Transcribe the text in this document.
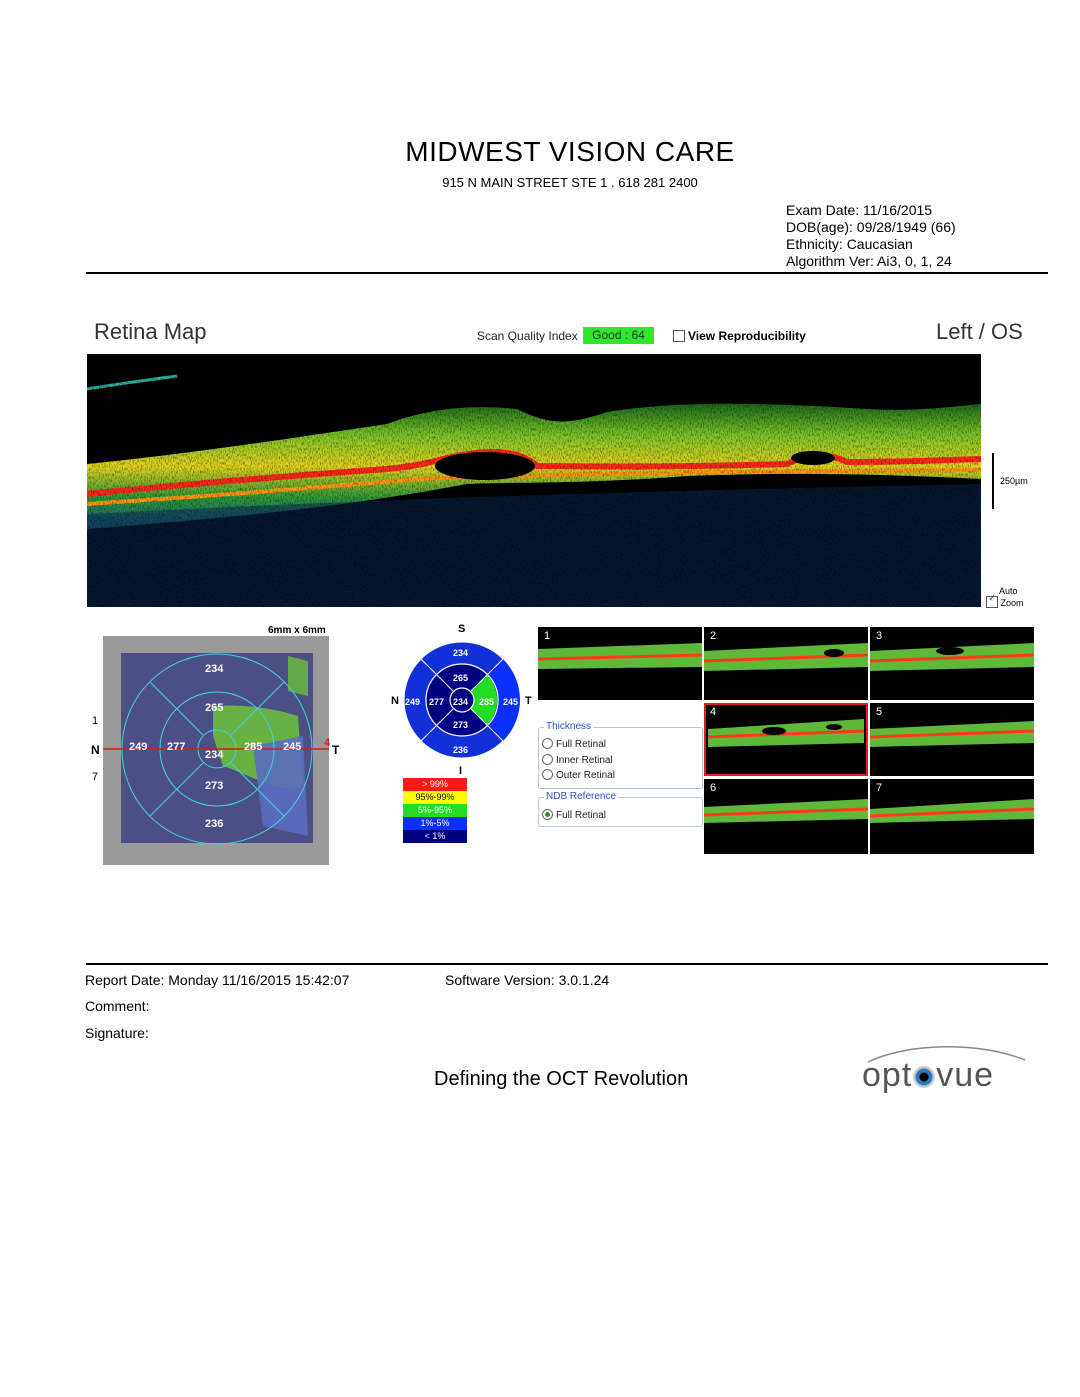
MIDWEST VISION CARE
915 N MAIN STREET STE 1 . 618 281 2400
Exam Date: 11/16/2015
DOB(age): 09/28/1949 (66)
Ethnicity: Caucasian
Algorithm Ver: Ai3, 0, 1, 24
Retina Map	Scan Quality Index	Good : 64	View Reproducibility	Left / OS
250µm
Auto
✓ Zoom
6mm x 6mm
234
265
249 277
234
285 245
273
236
N	T
1
7
4
S
I
N	T
234
265
249 277 234 285 245
273
236
> 99%
95%-99%
5%-95%
1%-5%
< 1%
1	2	3
4	5
6	7
Thickness
Full Retinal
Inner Retinal
Outer Retinal
NDB Reference
Full Retinal
Report Date: Monday 11/16/2015 15:42:07	Software Version: 3.0.1.24
Comment:
Signature:
Defining the OCT Revolution	opt vue
